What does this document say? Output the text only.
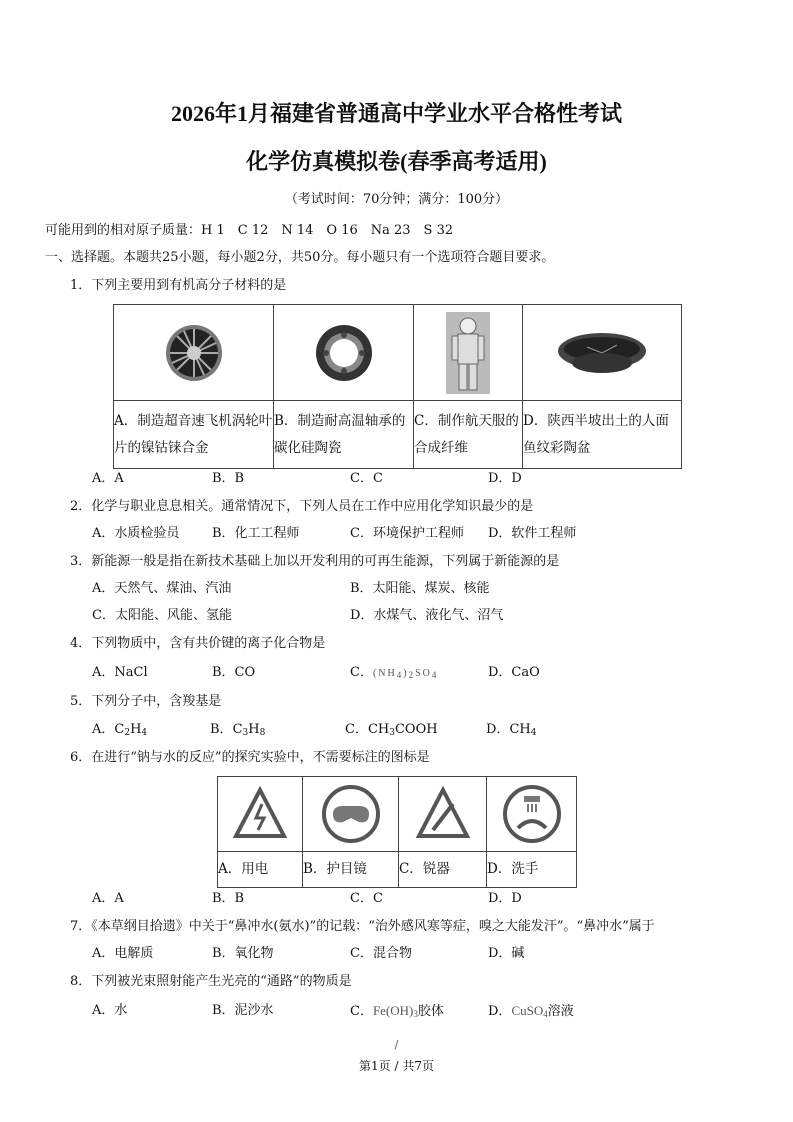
2026年1月福建省普通高中学业水平合格性考试
化学仿真模拟卷(春季高考适用)
（考试时间：70分钟；满分：100分）
可能用到的相对原子质量：H 1　C 12　N 14　O 16　Na 23　S 32
一、选择题。本题共25小题，每小题2分，共50分。每小题只有一个选项符合题目要求。
1．下列主要用到有机高分子材料的是

A．制造超音速飞机涡轮叶片的镍钴铼合金	B．制造耐高温轴承的碳化硅陶瓷	C．制作航天服的合成纤维	D．陕西半坡出土的人面鱼纹彩陶盆
A．A	B．B	C．C	D．D
2．化学与职业息息相关。通常情况下，下列人员在工作中应用化学知识最少的是
A．水质检验员	B．化工工程师	C．环境保护工程师 D．软件工程师
3．新能源一般是指在新技术基础上加以开发利用的可再生能源，下列属于新能源的是
A．天然气、煤油、汽油	B．太阳能、煤炭、核能
C．太阳能、风能、氢能	D．水煤气、液化气、沼气
4．下列物质中，含有共价键的离子化合物是
A．NaCl	B．CO	C．$(NH_4)_2SO_4$	D．CaO
5．下列分子中，含羧基是
A．$C_2H_4$	B．$C_3H_8$	C．$CH_3COOH$	D．$CH_4$
6．在进行“钠与水的反应”的探究实验中，不需要标注的图标是

A．用电	B．护目镜	C．锐器	D．洗手
A．A	B．B	C．C	D．D
7．《本草纲目拾遗》中关于“鼻冲水(氨水)”的记载：“治外感风寒等症，嗅之大能发汗”。“鼻冲水”属于
A．电解质	B．氧化物	C．混合物	D．碱
8．下列被光束照射能产生光亮的“通路”的物质是
A．水	B．泥沙水	C．$Fe(OH)_3$胶体	D．CuSO$_4$溶液
/
第1页 / 共7页
